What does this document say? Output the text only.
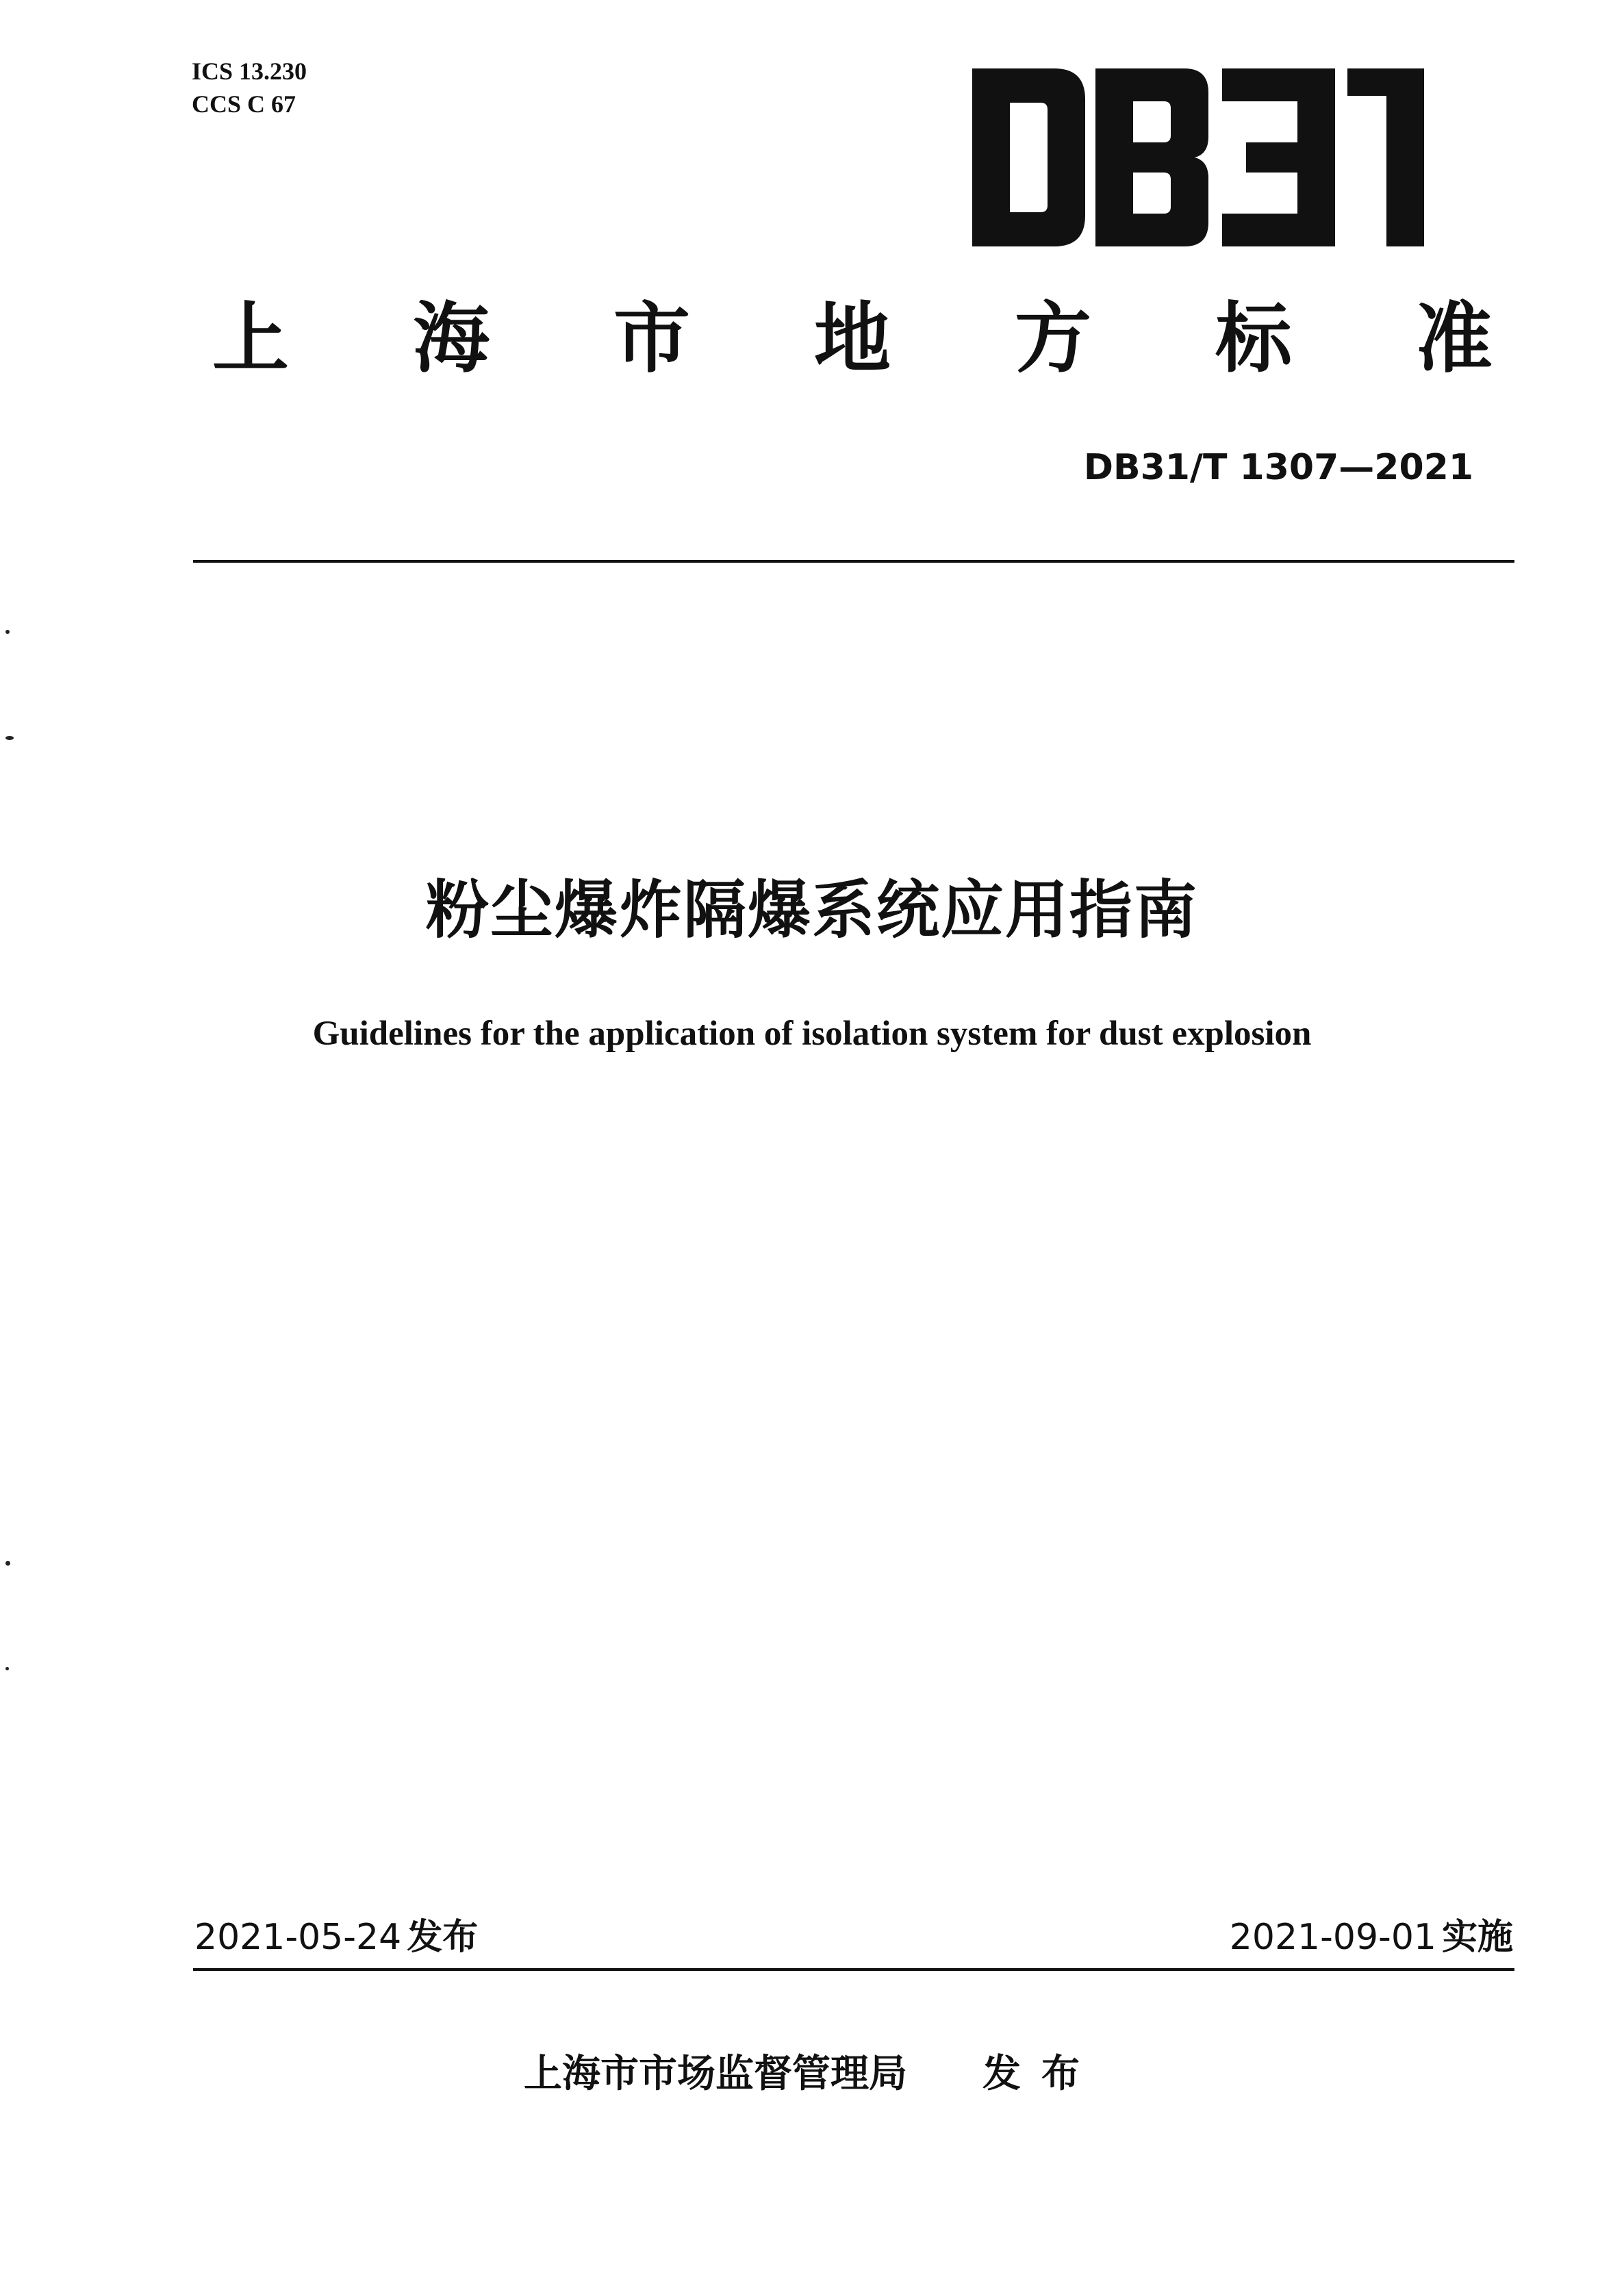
ICS 13.230
CCS C 67
上 海 市 地 方 标 准
DB31/T 1307—2021
粉尘爆炸隔爆系统应用指南
Guidelines for the application of isolation system for dust explosion
2021-05-24 发布	2021-09-01 实施
上海市市场监督管理局 发布
